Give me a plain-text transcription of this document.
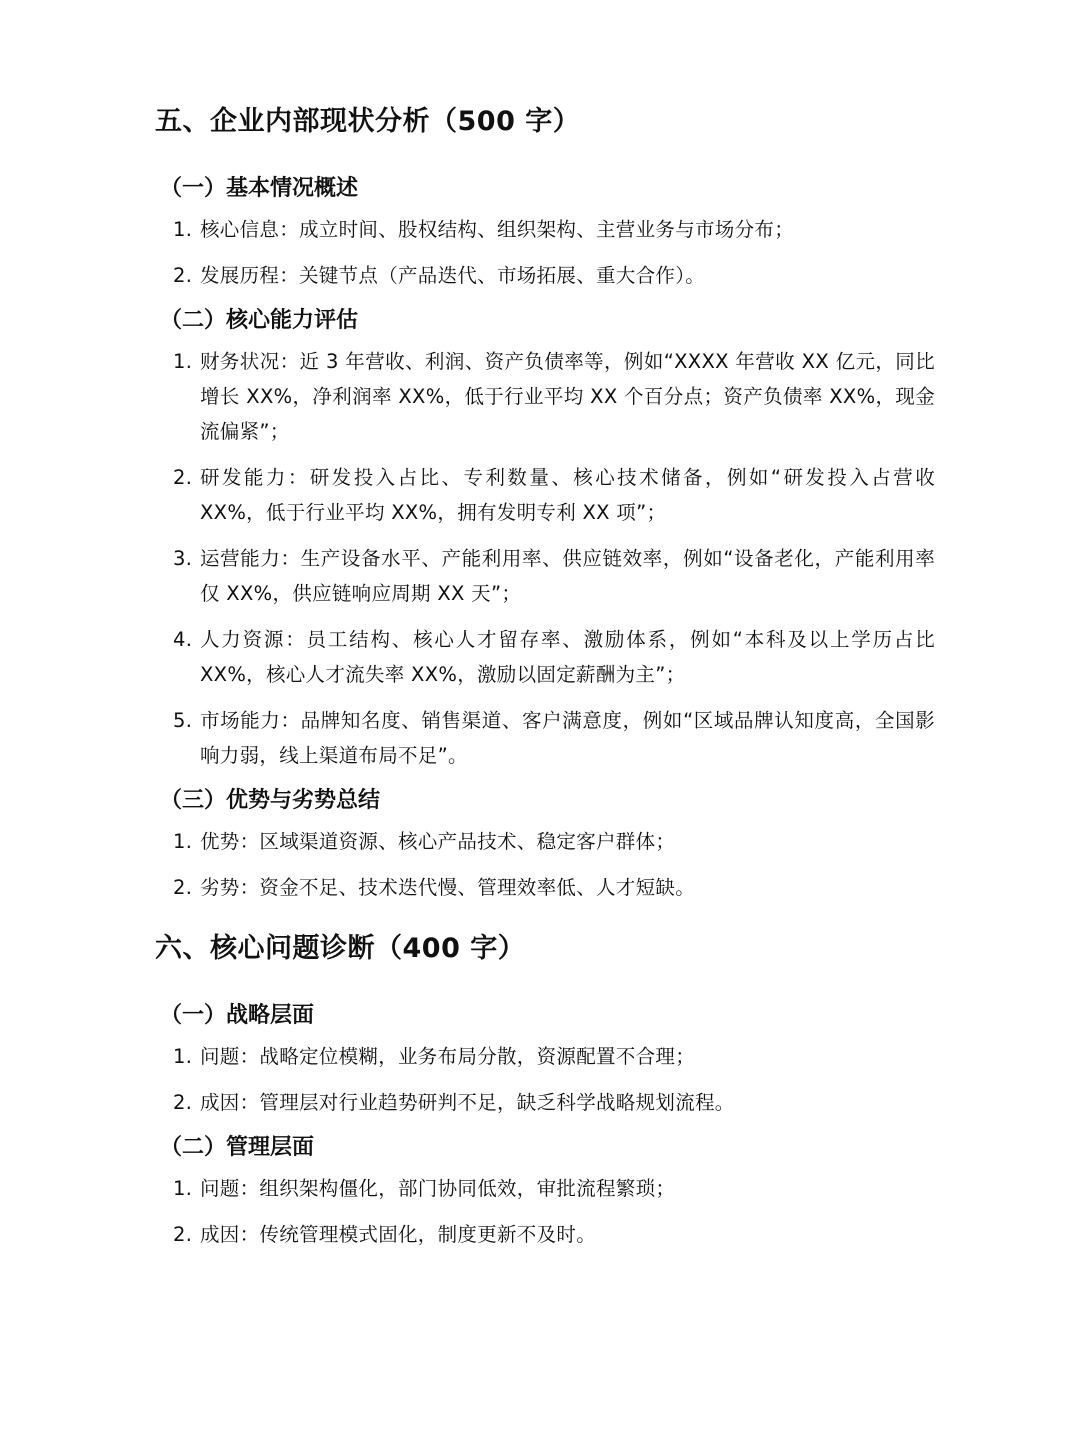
五、企业内部现状分析（500 字）
（一）基本情况概述
1. 核心信息：成立时间、股权结构、组织架构、主营业务与市场分布；
2. 发展历程：关键节点（产品迭代、市场拓展、重大合作）。
（二）核心能力评估
1. 财务状况：近 3 年营收、利润、资产负债率等，例如“XXXX 年营收 XX 亿元，同比增长 XX%，净利润率 XX%，低于行业平均 XX 个百分点；资产负债率 XX%，现金流偏紧”；
2. 研发能力：研发投入占比、专利数量、核心技术储备，例如“研发投入占营收 XX%，低于行业平均 XX%，拥有发明专利 XX 项”；
3. 运营能力：生产设备水平、产能利用率、供应链效率，例如“设备老化，产能利用率仅 XX%，供应链响应周期 XX 天”；
4. 人力资源：员工结构、核心人才留存率、激励体系，例如“本科及以上学历占比 XX%，核心人才流失率 XX%，激励以固定薪酬为主”；
5. 市场能力：品牌知名度、销售渠道、客户满意度，例如“区域品牌认知度高，全国影响力弱，线上渠道布局不足”。
（三）优势与劣势总结
1. 优势：区域渠道资源、核心产品技术、稳定客户群体；
2. 劣势：资金不足、技术迭代慢、管理效率低、人才短缺。
六、核心问题诊断（400 字）
（一）战略层面
1. 问题：战略定位模糊，业务布局分散，资源配置不合理；
2. 成因：管理层对行业趋势研判不足，缺乏科学战略规划流程。
（二）管理层面
1. 问题：组织架构僵化，部门协同低效，审批流程繁琐；
2. 成因：传统管理模式固化，制度更新不及时。
